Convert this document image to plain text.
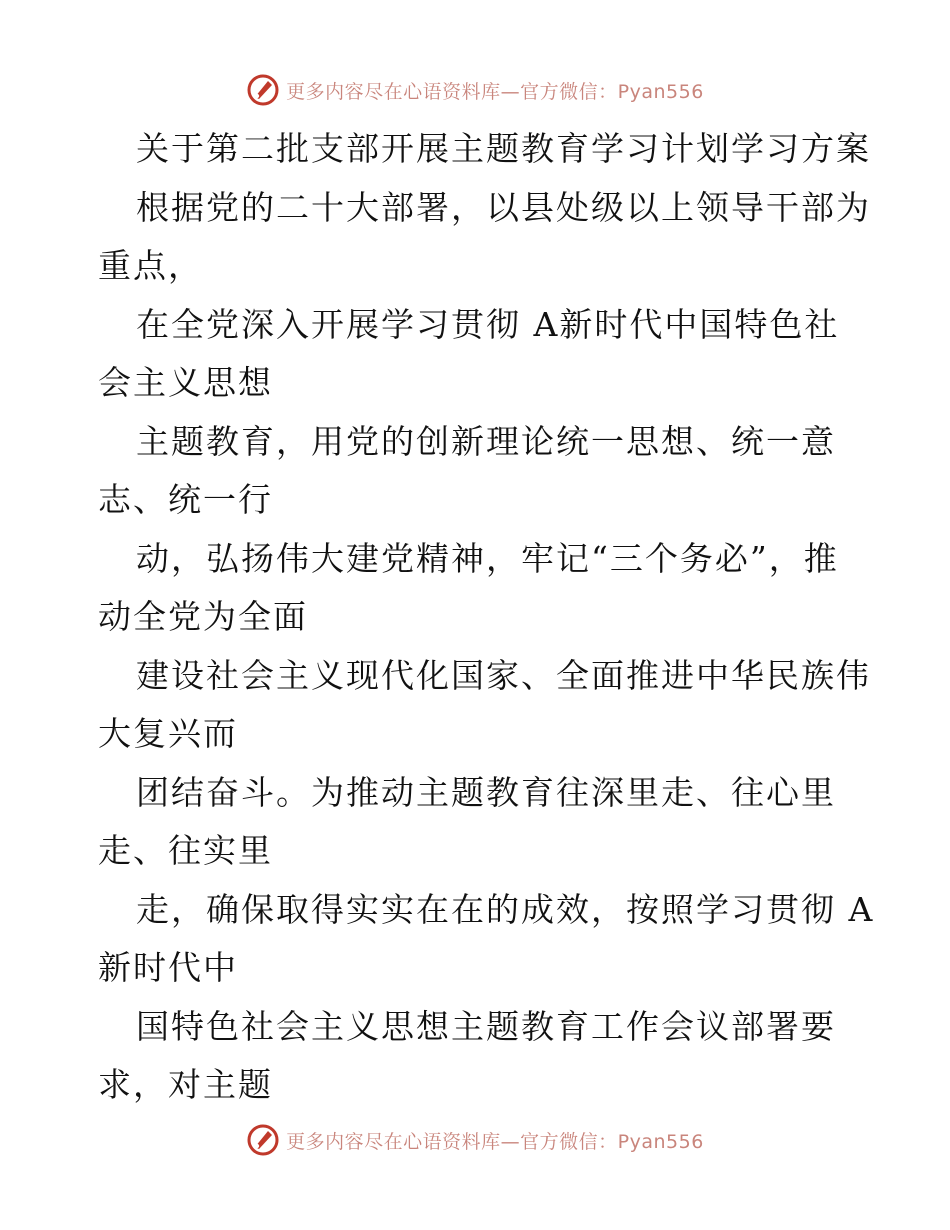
更多内容尽在心语资料库—官方微信：Pyan556
关于第二批支部开展主题教育学习计划学习方案
根据党的二十大部署，以县处级以上领导干部为
重点，
在全党深入开展学习贯彻 A新时代中国特色社
会主义思想
主题教育，用党的创新理论统一思想、统一意
志、统一行
动，弘扬伟大建党精神，牢记“三个务必”，推
动全党为全面
建设社会主义现代化国家、全面推进中华民族伟
大复兴而
团结奋斗。为推动主题教育往深里走、往心里
走、往实里
走，确保取得实实在在的成效，按照学习贯彻 A
新时代中
国特色社会主义思想主题教育工作会议部署要
求，对主题
更多内容尽在心语资料库—官方微信：Pyan556
